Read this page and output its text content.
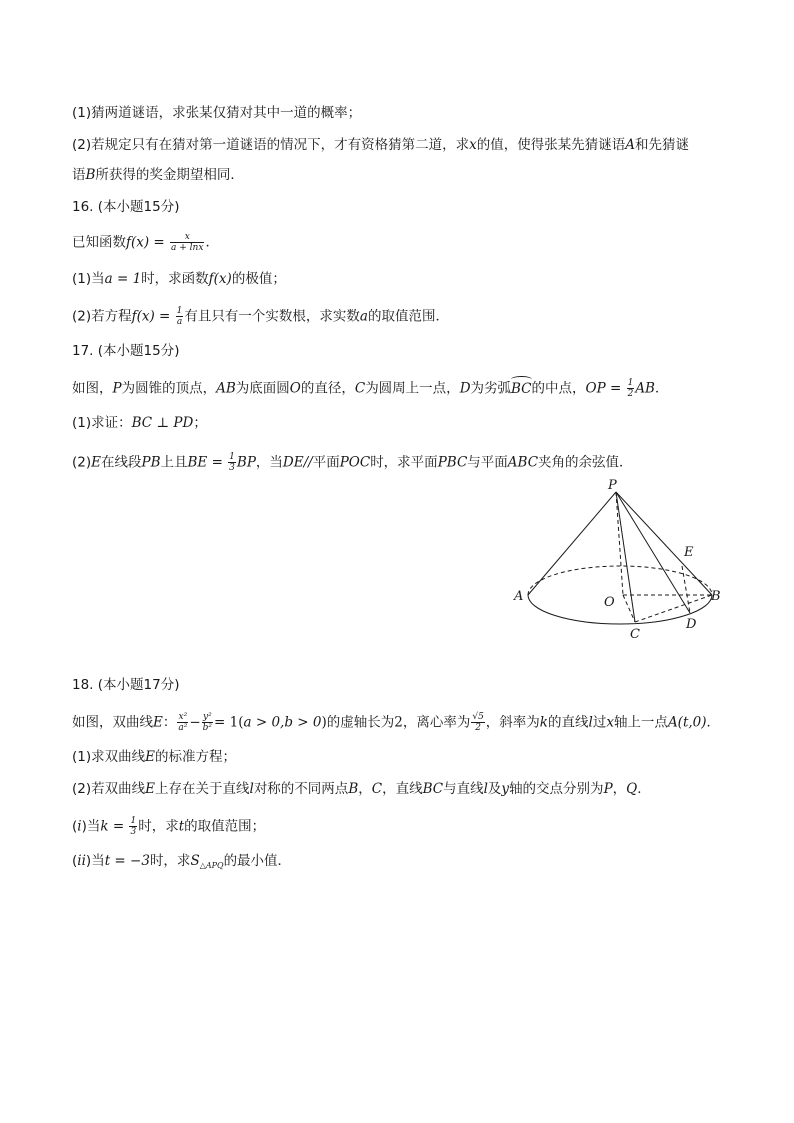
(1)猜两道谜语，求张某仅猜对其中一道的概率；
(2)若规定只有在猜对第一道谜语的情况下，才有资格猜第二道，求x的值，使得张某先猜谜语A和先猜谜
语B所获得的奖金期望相同．
16. (本小题15分)
已知函数$f(x) = \frac{x}{a + \ln x}$ ．
(1)当a = 1时，求函数f(x)的极值；
(2)若方程$f(x) = \frac{1}{a}$ 有且只有一个实数根，求实数a的取值范围．
17. (本小题15分)
如图，P为圆锥的顶点，AB为底面圆O的直径，C为圆周上一点，D为劣弧BC的中点，OP = $\frac{1}{2}$ AB．
(1)求证：BC ⊥ PD；
(2)E在线段PB上且BE = $\frac{1}{3}$ BP，当DE//平面POC时，求平面PBC与平面ABC夹角的余弦值．
P
E
A	O	B
C
D
18. (本小题17分)
如图，双曲线E： $\frac{\text{x²}}{\text{a²}} - \frac{\text{y²}}{\text{b²}} = 1(a > 0,b > 0)$的虚轴长为2，离心率为 $\frac{√5}{2}$ ，斜率为k的直线l过x轴上一点A(t,0)．
(1)求双曲线E的标准方程；
(2)若双曲线E上存在关于直线l对称的不同两点B，C，直线BC与直线l及y轴的交点分别为P，Q．
(i)当$k = \frac{1}{3}$ 时，求t的取值范围；
(ii)当t = −3时，求$S_{\triangle APQ}$的最小值．
